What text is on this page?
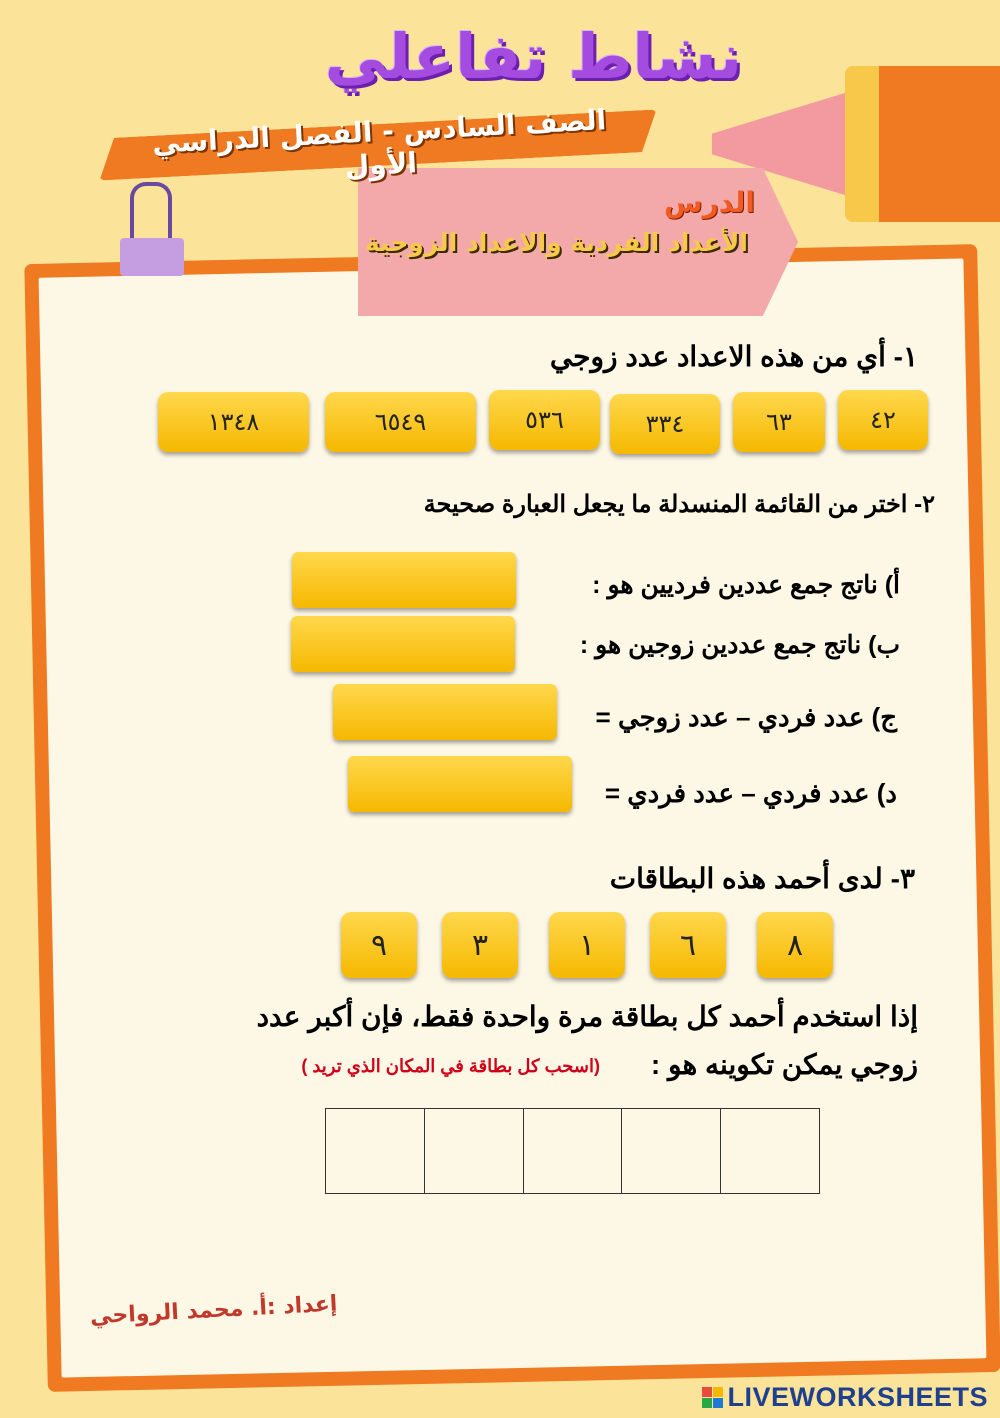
نشاط تفاعلي
الصف السادس - الفصل الدراسي الأول
الدرس
الأعداد الفردية والاعداد الزوجية
١- أي من هذه الاعداد عدد زوجي
٤٢
٦٣
٣٣٤
٥٣٦
٦٥٤٩
١٣٤٨
٢- اختر من القائمة المنسدلة ما يجعل العبارة صحيحة
أ) ناتج جمع عددين فرديين هو :
ب) ناتج جمع عددين زوجين هو :
ج) عدد فردي – عدد زوجي =
د) عدد فردي – عدد فردي =
٣- لدى أحمد هذه البطاقات
٨
٦
١
٣
٩
إذا استخدم أحمد كل بطاقة مرة واحدة فقط، فإن أكبر عدد
زوجي يمكن تكوينه هو :
(اسحب كل بطاقة في المكان الذي تريد )
إعداد :أ. محمد الرواحي
LIVEWORKSHEETS
